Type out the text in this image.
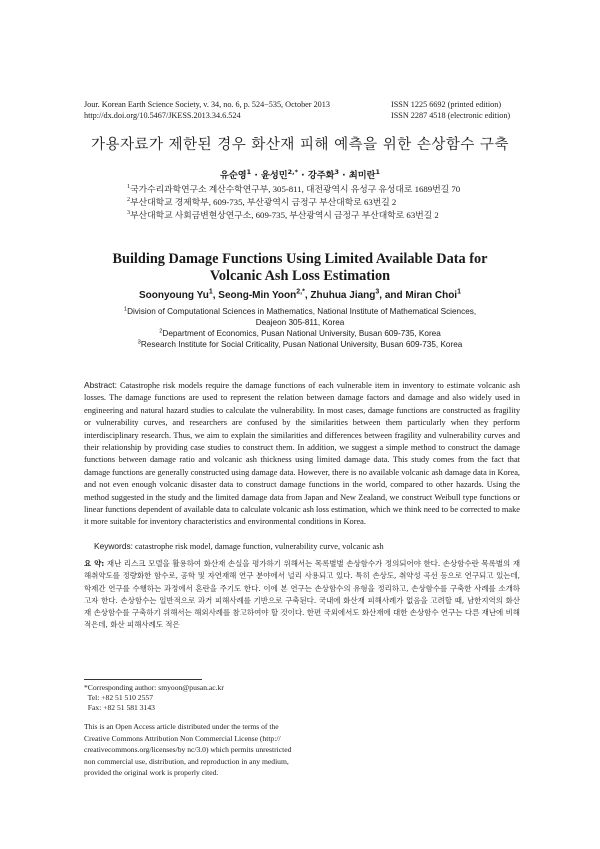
Jour. Korean Earth Science Society, v. 34, no. 6, p. 524−535, October 2013
http://dx.doi.org/10.5467/JKESS.2013.34.6.524
ISSN 1225 6692 (printed edition)
ISSN 2287 4518 (electronic edition)
가용자료가 제한된 경우 화산재 피해 예측을 위한 손상함수 구축
유순영$^1$ · 윤성민$^{2,*}$ · 강주화$^3$ · 최미란$^1$
$^1$국가수리과학연구소 계산수학연구부, 305-811, 대전광역시 유성구 유성대로 1689번길 70
$^2$부산대학교 경제학부, 609-735, 부산광역시 금정구 부산대학로 63번길 2
$^3$부산대학교 사회금변현상연구소, 609-735, 부산광역시 금정구 부산대학로 63번길 2
Building Damage Functions Using Limited Available Data for
Volcanic Ash Loss Estimation
Soonyoung Yu$^1$, Seong-Min Yoon$^{2,*}$, Zhuhua Jiang$^3$, and Miran Choi$^1$
$^1$Division of Computational Sciences in Mathematics, National Institute of Mathematical Sciences,
Deajeon 305-811, Korea
$^2$Department of Economics, Pusan National University, Busan 609-735, Korea
$^3$Research Institute for Social Criticality, Pusan National University, Busan 609-735, Korea
Abstract: Catastrophe risk models require the damage functions of each vulnerable item in inventory to estimate volcanic ash losses. The damage functions are used to represent the relation between damage factors and damage and also widely used in engineering and natural hazard studies to calculate the vulnerability. In most cases, damage functions are constructed as fragility or vulnerability curves, and researchers are confused by the similarities between them particularly when they perform interdisciplinary research. Thus, we aim to explain the similarities and differences between fragility and vulnerability curves and their relationship by providing case studies to construct them. In addition, we suggest a simple method to construct the damage functions between damage ratio and volcanic ash thickness using limited damage data. This study comes from the fact that damage functions are generally constructed using damage data. However, there is no available volcanic ash damage data in Korea, and not even enough volcanic disaster data to construct damage functions in the world, compared to other hazards. Using the method suggested in the study and the limited damage data from Japan and New Zealand, we construct Weibull type functions or linear functions dependent of available data to calculate volcanic ash loss estimation, which we think need to be corrected to make it more suitable for inventory characteristics and environmental conditions in Korea.
Keywords: catastrophe risk model, damage function, vulnerability curve, volcanic ash
요 약: 재난 리스크 모델을 활용하여 화산재 손실을 평가하기 위해서는 목록별별 손상함수가 정의되어야 한다. 손상함수란 목록별의 재해취약도를 정량화한 함수로, 공학 및 자연재해 연구 분야에서 널리 사용되고 있다. 특히 손상도, 취약성 곡선 등으로 연구되고 있는데, 학제간 연구를 수행하는 과정에서 혼란을 주기도 한다. 이에 본 연구는 손상함수의 유형을 정리하고, 손상함수를 구축한 사례를 소개하고자 한다. 손상함수는 일반적으로 과거 피해사례를 기반으로 구축된다. 국내에 화산재 피해사례가 없음을 고려할 때, 남한지역의 화산재 손상함수를 구축하기 위해서는 해외사례를 참고하여야 할 것이다. 한편 국외에서도 화산재에 대한 손상함수 연구는 다른 재난에 비해 적은데, 화산 피해사례도 적은
*Corresponding author: smyoon@pusan.ac.kr
Tel: +82 51 510 2557
Fax: +82 51 581 3143
This is an Open Access article distributed under the terms of the
Creative Commons Attribution Non Commercial License (http://
creativecommons.org/licenses/by nc/3.0) which permits unrestricted
non commercial use, distribution, and reproduction in any medium,
provided the original work is properly cited.
